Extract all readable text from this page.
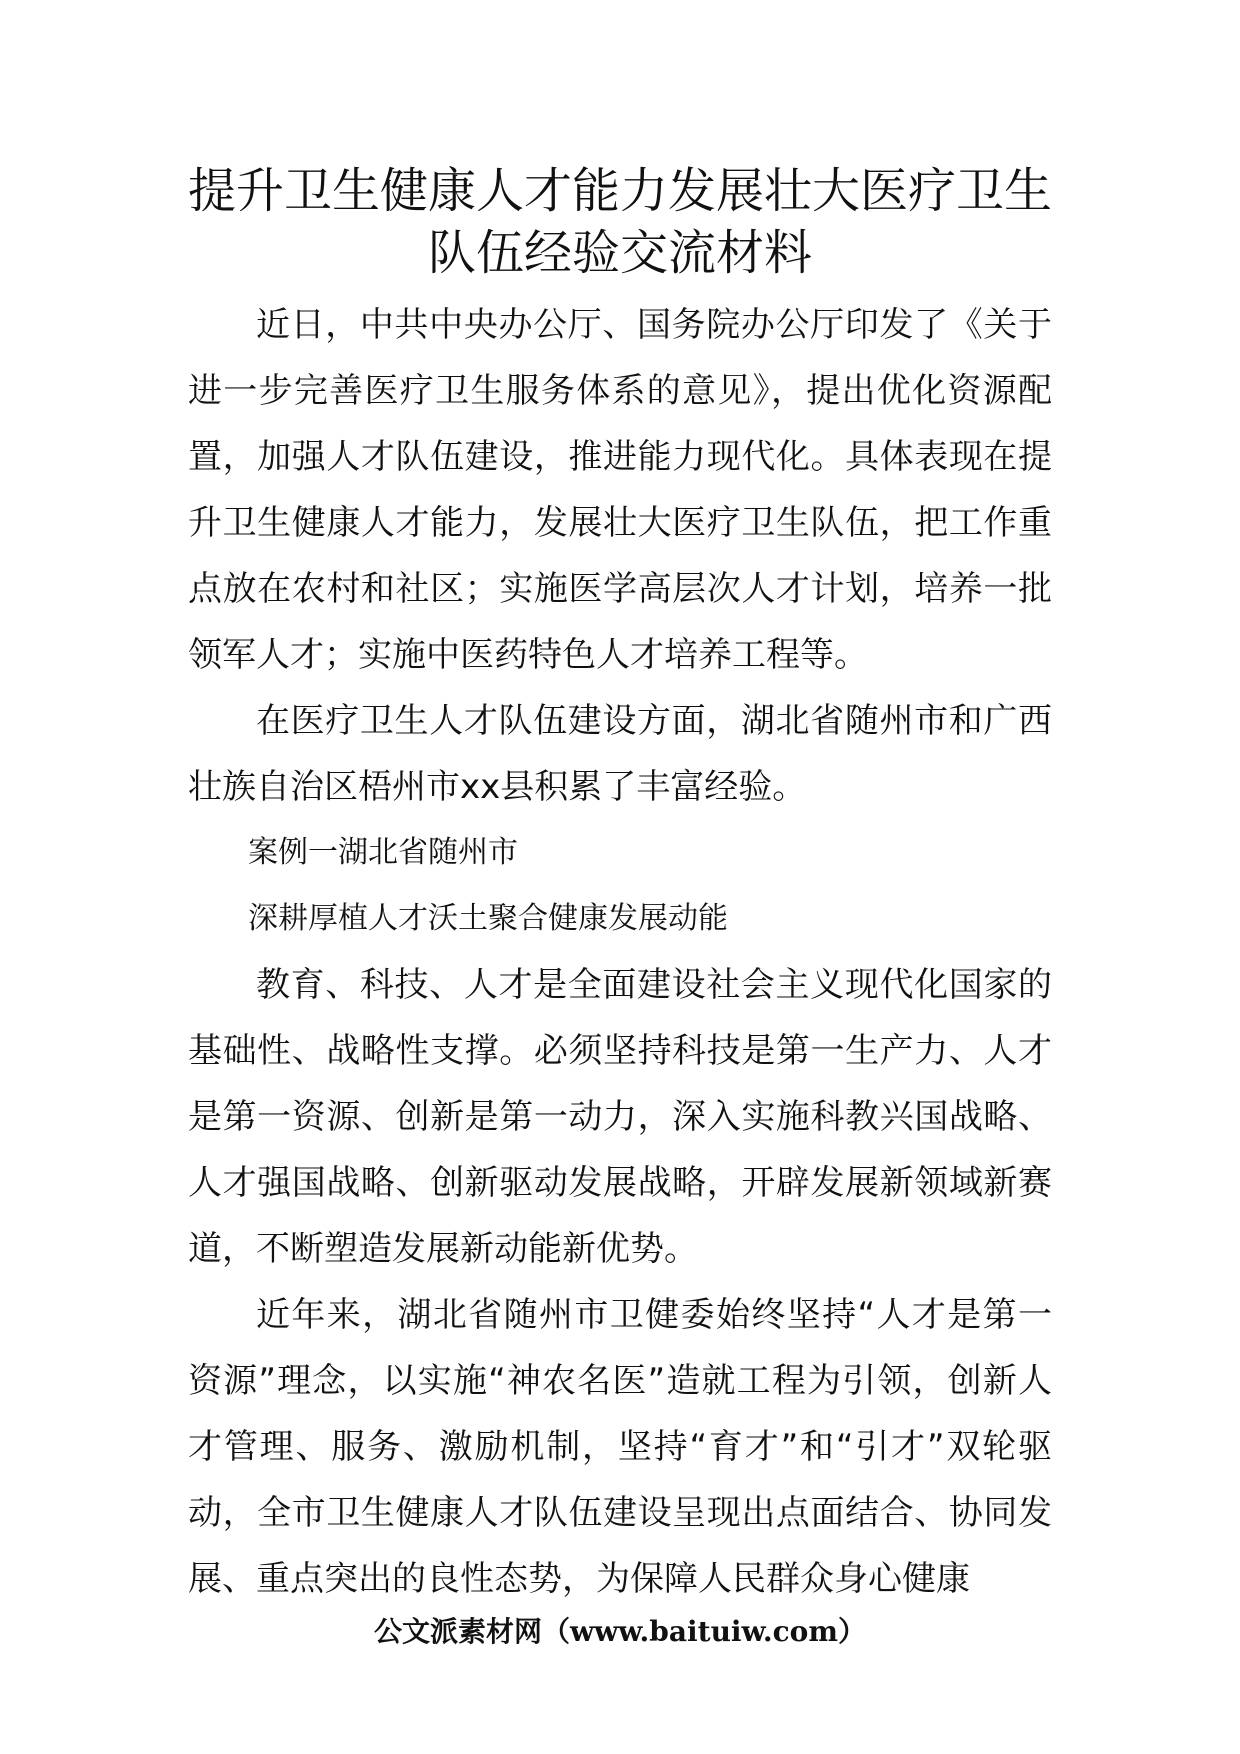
提升卫生健康人才能力发展壮大医疗卫生
队伍经验交流材料

近日，中共中央办公厅、国务院办公厅印发了《关于进一步完善医疗卫生服务体系的意见》，提出优化资源配置，加强人才队伍建设，推进能力现代化。具体表现在提升卫生健康人才能力，发展壮大医疗卫生队伍，把工作重点放在农村和社区；实施医学高层次人才计划，培养一批领军人才；实施中医药特色人才培养工程等。

在医疗卫生人才队伍建设方面，湖北省随州市和广西壮族自治区梧州市xx县积累了丰富经验。

案例一湖北省随州市

深耕厚植人才沃土聚合健康发展动能

教育、科技、人才是全面建设社会主义现代化国家的基础性、战略性支撑。必须坚持科技是第一生产力、人才是第一资源、创新是第一动力，深入实施科教兴国战略、人才强国战略、创新驱动发展战略，开辟发展新领域新赛道，不断塑造发展新动能新优势。

近年来，湖北省随州市卫健委始终坚持“人才是第一资源”理念，以实施“神农名医”造就工程为引领，创新人才管理、服务、激励机制，坚持“育才”和“引才”双轮驱动，全市卫生健康人才队伍建设呈现出点面结合、协同发展、重点突出的良性态势，为保障人民群众身心健康

公文派素材网（www.baituiw.com）
